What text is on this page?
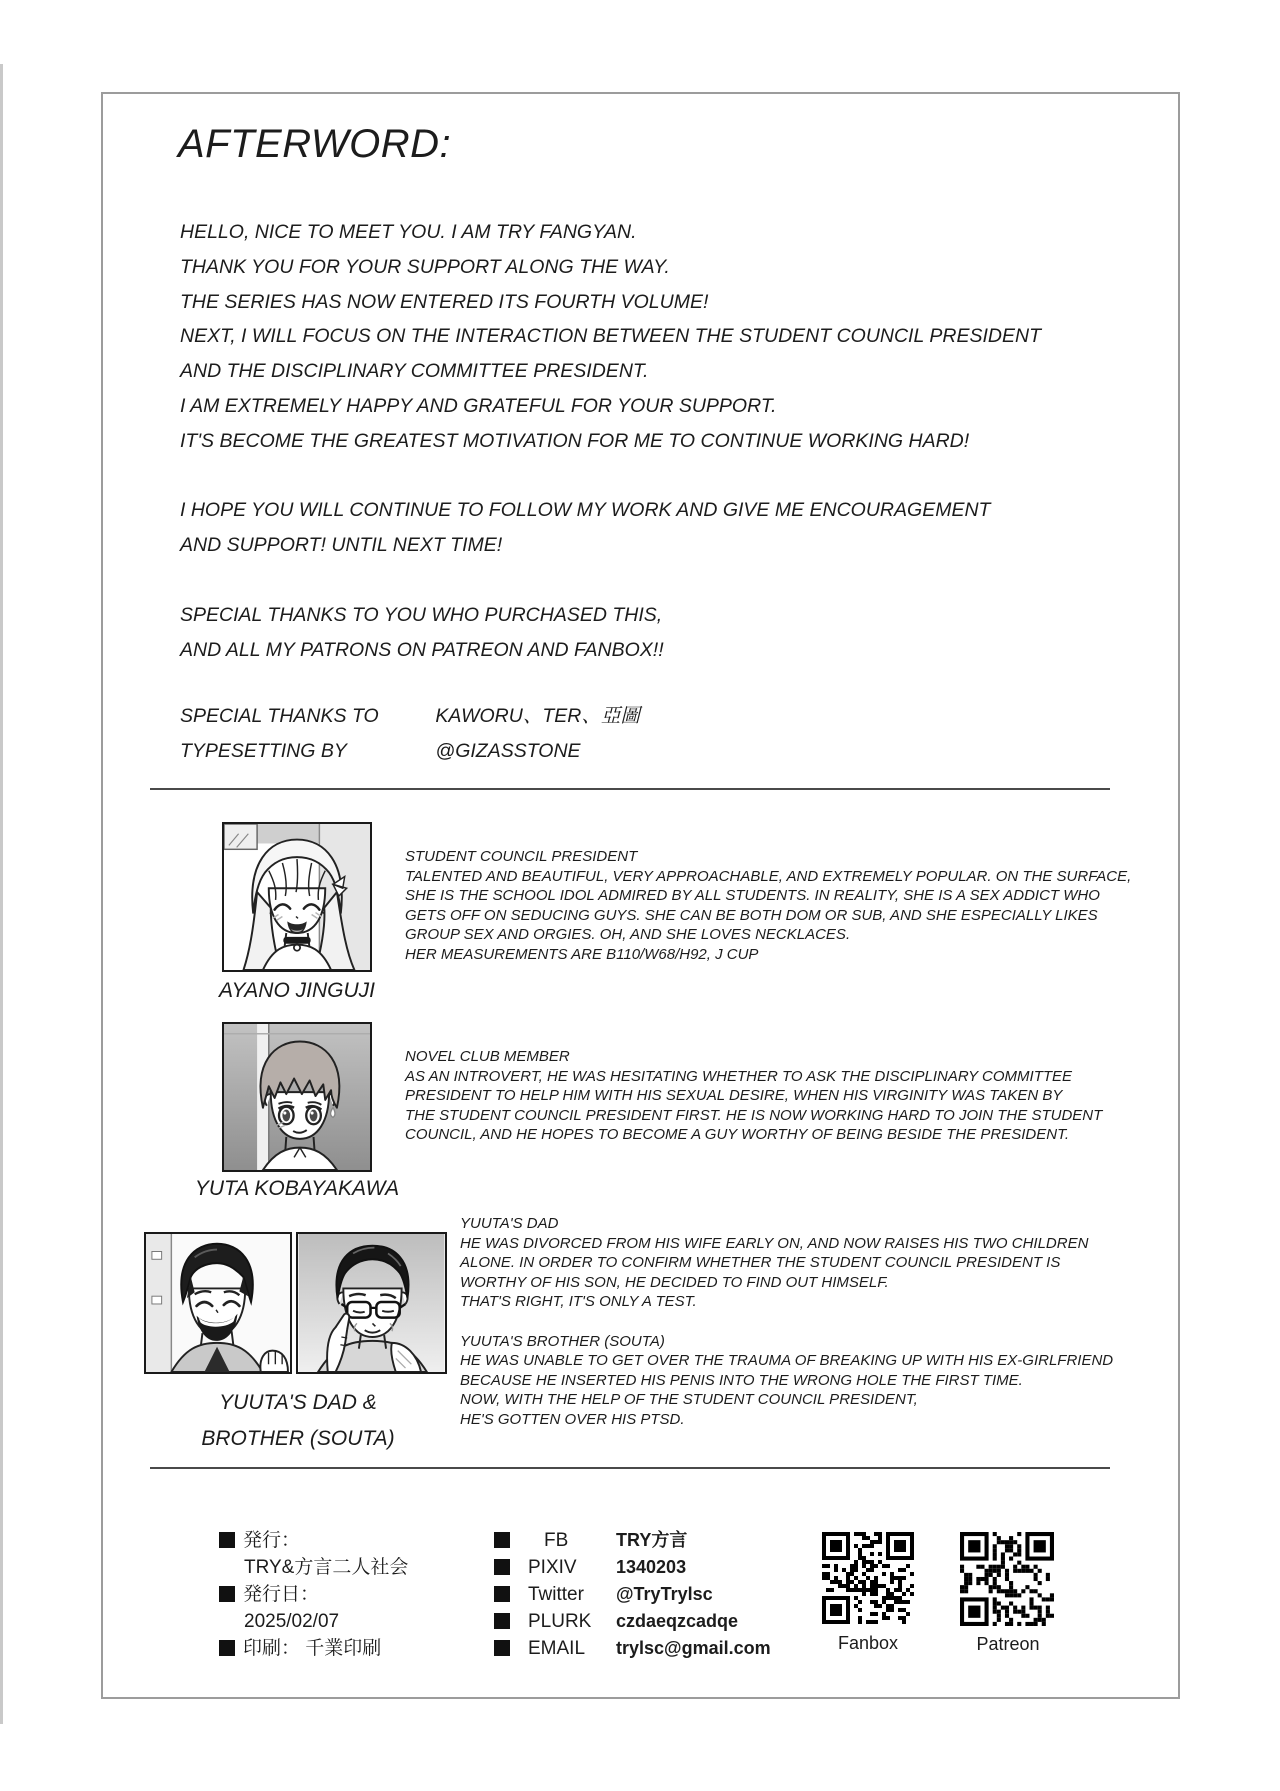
AFTERWORD:
HELLO, NICE TO MEET YOU. I AM TRY FANGYAN.
THANK YOU FOR YOUR SUPPORT ALONG THE WAY.
THE SERIES HAS NOW ENTERED ITS FOURTH VOLUME!
NEXT, I WILL FOCUS ON THE INTERACTION BETWEEN THE STUDENT COUNCIL PRESIDENT
AND THE DISCIPLINARY COMMITTEE PRESIDENT.
I AM EXTREMELY HAPPY AND GRATEFUL FOR YOUR SUPPORT.
IT'S BECOME THE GREATEST MOTIVATION FOR ME TO CONTINUE WORKING HARD!
I HOPE YOU WILL CONTINUE TO FOLLOW MY WORK AND GIVE ME ENCOURAGEMENT
AND SUPPORT! UNTIL NEXT TIME!
SPECIAL THANKS TO YOU WHO PURCHASED THIS,
AND ALL MY PATRONS ON PATREON AND FANBOX!!
SPECIAL THANKS TO	KAWORU、TER、亞圖
TYPESETTING BY	@GIZASSTONE
STUDENT COUNCIL PRESIDENT
TALENTED AND BEAUTIFUL, VERY APPROACHABLE, AND EXTREMELY POPULAR. ON THE SURFACE,
SHE IS THE SCHOOL IDOL ADMIRED BY ALL STUDENTS. IN REALITY, SHE IS A SEX ADDICT WHO
GETS OFF ON SEDUCING GUYS. SHE CAN BE BOTH DOM OR SUB, AND SHE ESPECIALLY LIKES
GROUP SEX AND ORGIES. OH, AND SHE LOVES NECKLACES.
HER MEASUREMENTS ARE B110/W68/H92, J CUP
AYANO JINGUJI
NOVEL CLUB MEMBER
AS AN INTROVERT, HE WAS HESITATING WHETHER TO ASK THE DISCIPLINARY COMMITTEE
PRESIDENT TO HELP HIM WITH HIS SEXUAL DESIRE, WHEN HIS VIRGINITY WAS TAKEN BY
THE STUDENT COUNCIL PRESIDENT FIRST. HE IS NOW WORKING HARD TO JOIN THE STUDENT
COUNCIL, AND HE HOPES TO BECOME A GUY WORTHY OF BEING BESIDE THE PRESIDENT.
YUTA KOBAYAKAWA
YUUTA'S DAD
HE WAS DIVORCED FROM HIS WIFE EARLY ON, AND NOW RAISES HIS TWO CHILDREN
ALONE. IN ORDER TO CONFIRM WHETHER THE STUDENT COUNCIL PRESIDENT IS
WORTHY OF HIS SON, HE DECIDED TO FIND OUT HIMSELF.
THAT'S RIGHT, IT'S ONLY A TEST.
YUUTA'S BROTHER (SOUTA)
HE WAS UNABLE TO GET OVER THE TRAUMA OF BREAKING UP WITH HIS EX-GIRLFRIEND
BECAUSE HE INSERTED HIS PENIS INTO THE WRONG HOLE THE FIRST TIME.
NOW, WITH THE HELP OF THE STUDENT COUNCIL PRESIDENT,
HE'S GOTTEN OVER HIS PTSD.
YUUTA'S DAD &
BROTHER (SOUTA)
発行：
TRY&方言二人社会
発行日：
2025/02/07
印刷： 千業印刷
FB	TRY方言
PIXIV 1340203
Twitter @TryTrylsc
PLURK czdaeqzcadqe
EMAIL trylsc@gmail.com	Fanbox	Patreon
